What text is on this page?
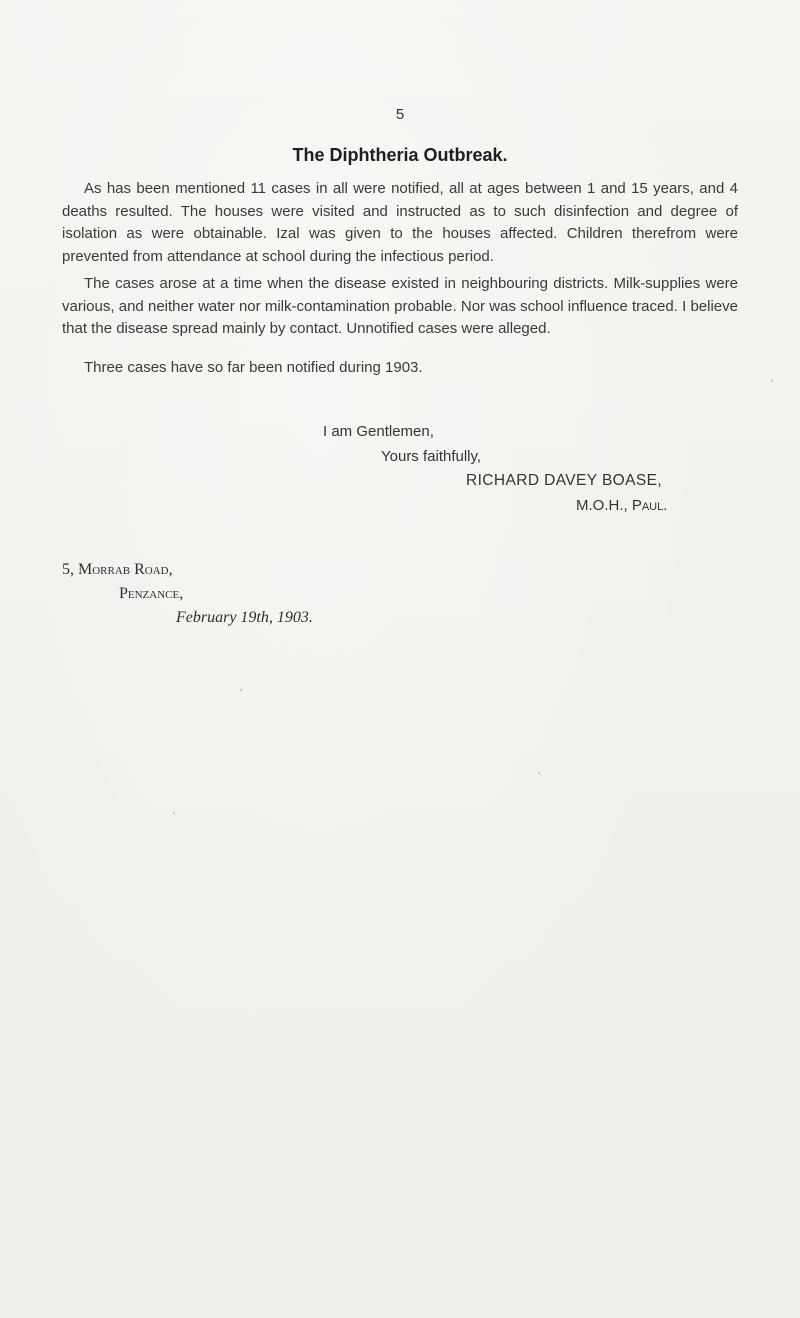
5
The Diphtheria Outbreak.

As has been mentioned 11 cases in all were notified, all at ages between 1 and 15 years, and 4 deaths resulted. The houses were visited and instructed as to such disinfection and degree of isolation as were obtainable. Izal was given to the houses affected. Children therefrom were prevented from attendance at school during the infectious period.

The cases arose at a time when the disease existed in neighbouring districts. Milk-supplies were various, and neither water nor milk-contamination probable. Nor was school influence traced. I believe that the disease spread mainly by contact. Unnotified cases were alleged.

Three cases have so far been notified during 1903.

I am Gentlemen,

Yours faithfully,

RICHARD DAVEY BOASE,

M.O.H., Paul.

5, Morrab Road,

Penzance,

February 19th, 1903.
